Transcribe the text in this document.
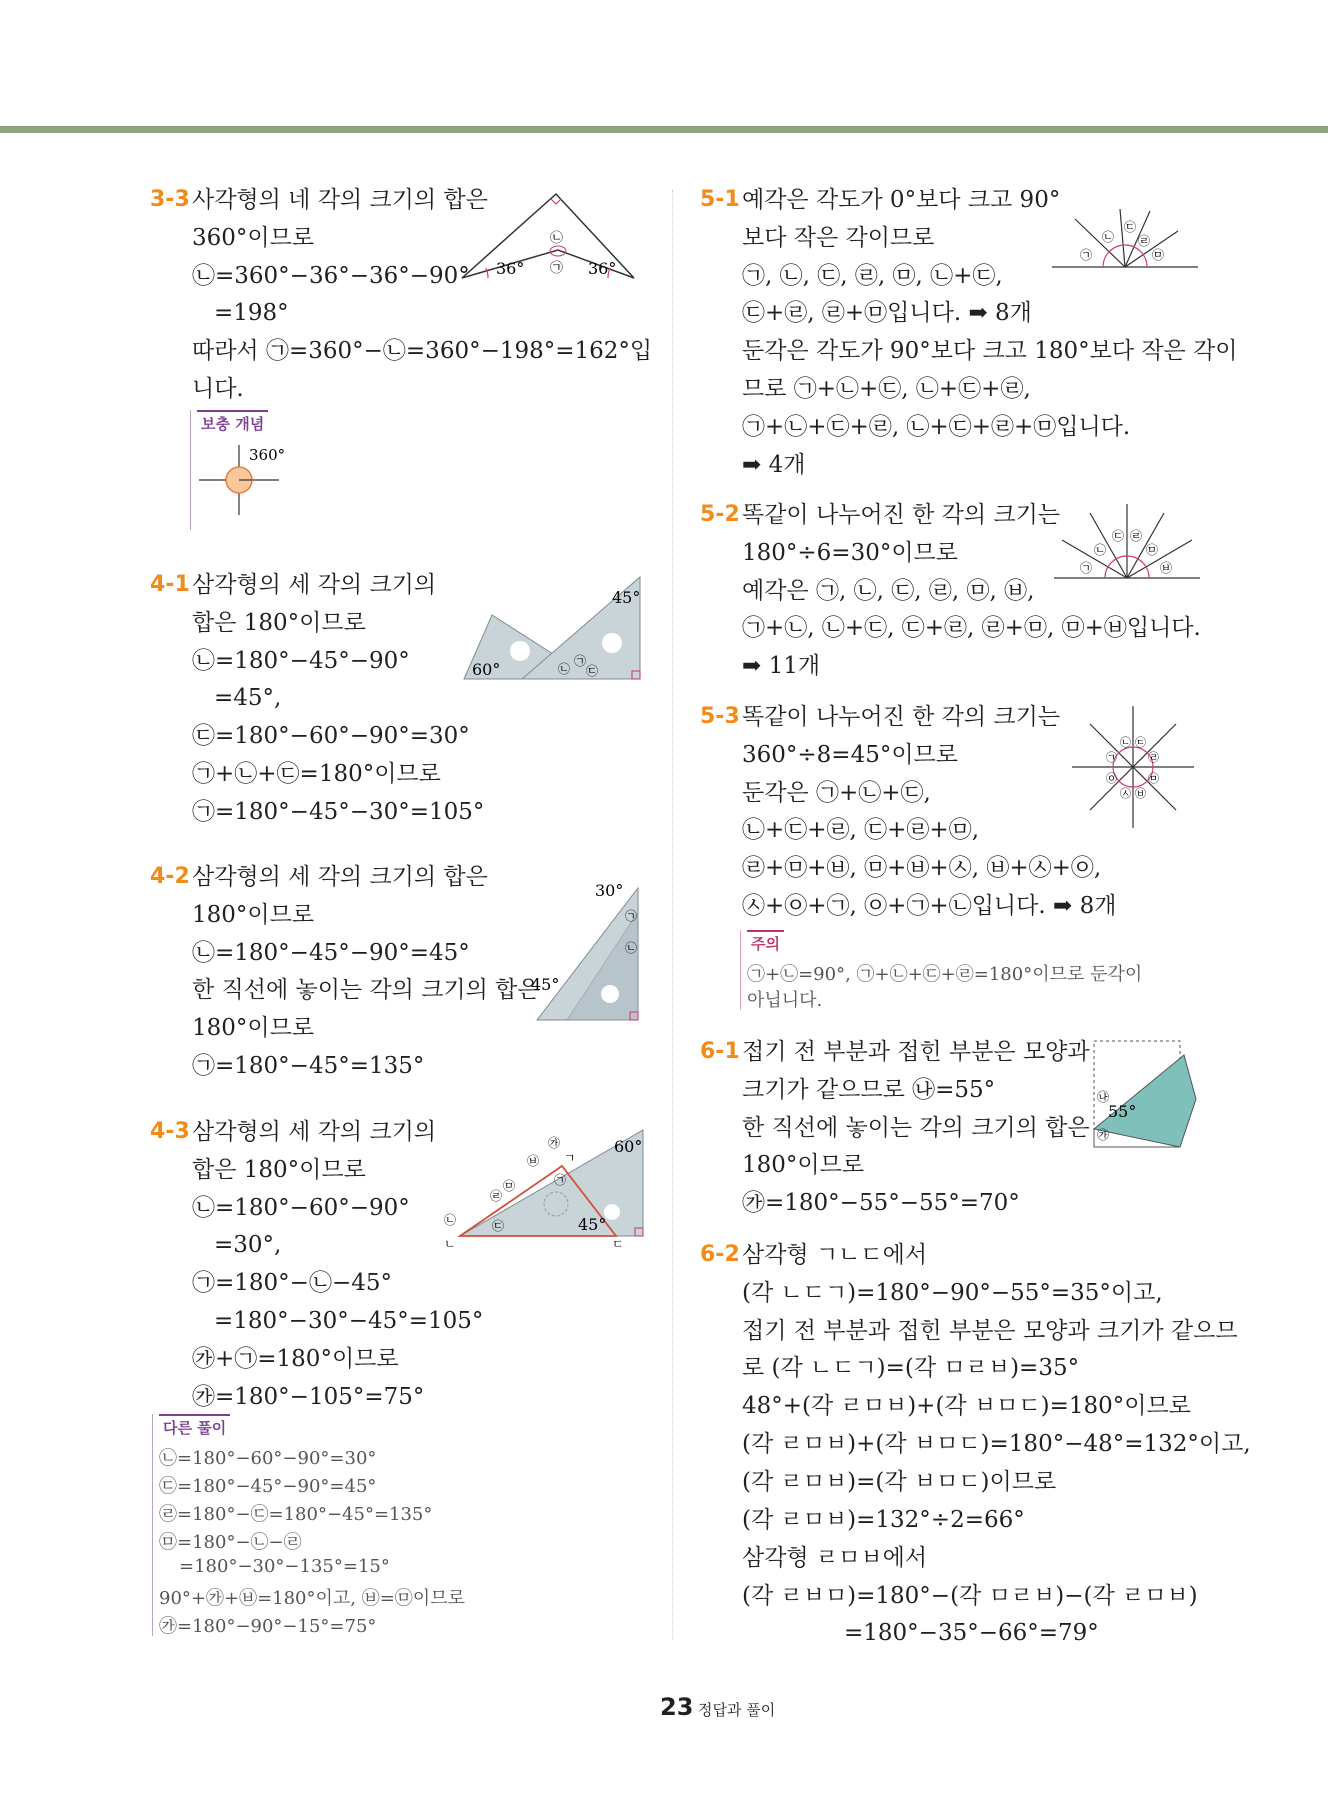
3-3 사각형의 네 각의 크기의 합은
360°이므로
㉡=360°−36°−36°−90°
=198°
따라서 ㉠=360°−㉡=360°−198°=162°입
니다.
36°	36°
㉡
㉠
보충 개념
360°
4-1 삼각형의 세 각의 크기의
합은 180°이므로
㉡=180°−45°−90°
=45°,
㉢=180°−60°−90°=30°
㉠+㉡+㉢=180°이므로
㉠=180°−45°−30°=105°
45°
60°	㉡
㉠
㉢
4-2 삼각형의 세 각의 크기의 합은
180°이므로
㉡=180°−45°−90°=45°
한 직선에 놓이는 각의 크기의 합은
180°이므로
㉠=180°−45°=135°
30°
㉠
㉡
45°
4-3 삼각형의 세 각의 크기의
합은 180°이므로
㉡=180°−60°−90°
=30°,
㉠=180°−㉡−45°
=180°−30°−45°=105°
㉮+㉠=180°이므로
㉮=180°−105°=75°
60°
㉮
ㄱ
㉥
㉠
㉣
㉤
㉡	㉢	45°
ㄴ	ㄷ
다른 풀이
㉡=180°−60°−90°=30°
㉢=180°−45°−90°=45°
㉣=180°−㉢=180°−45°=135°
㉤=180°−㉡−㉣
=180°−30°−135°=15°
90°+㉮+㉥=180°이고, ㉥=㉤이므로
㉮=180°−90°−15°=75°
5-1 예각은 각도가 0°보다 크고 90°
보다 작은 각이므로
㉠, ㉡, ㉢, ㉣, ㉤, ㉡+㉢,
㉢+㉣, ㉣+㉤입니다. ➡ 8개
둔각은 각도가 90°보다 크고 180°보다 작은 각이
므로 ㉠+㉡+㉢, ㉡+㉢+㉣,
㉠+㉡+㉢+㉣, ㉡+㉢+㉣+㉤입니다.
➡ 4개
㉠
㉡
㉢
㉣
㉤
5-2 똑같이 나누어진 한 각의 크기는
180°÷6=30°이므로
예각은 ㉠, ㉡, ㉢, ㉣, ㉤, ㉥,
㉠+㉡, ㉡+㉢, ㉢+㉣, ㉣+㉤, ㉤+㉥입니다.
➡ 11개
㉠
㉡
㉢ ㉣
㉤
㉥
5-3 똑같이 나누어진 한 각의 크기는
360°÷8=45°이므로
둔각은 ㉠+㉡+㉢,
㉡+㉢+㉣, ㉢+㉣+㉤,
㉣+㉤+㉥, ㉤+㉥+㉦, ㉥+㉦+㉧,
㉦+㉧+㉠, ㉧+㉠+㉡입니다. ➡ 8개
㉡ ㉢
㉠	㉣
㉧	㉤
㉦ ㉥
주의
㉠+㉡=90°, ㉠+㉡+㉢+㉣=180°이므로 둔각이
아닙니다.
6-1 접기 전 부분과 접힌 부분은 모양과
크기가 같으므로 ㉯=55°
한 직선에 놓이는 각의 크기의 합은
180°이므로
㉮=180°−55°−55°=70°
㉯
55°
㉮
6-2 삼각형 ㄱㄴㄷ에서
(각 ㄴㄷㄱ)=180°−90°−55°=35°이고,
접기 전 부분과 접힌 부분은 모양과 크기가 같으므
로 (각 ㄴㄷㄱ)=(각 ㅁㄹㅂ)=35°
48°+(각 ㄹㅁㅂ)+(각 ㅂㅁㄷ)=180°이므로
(각 ㄹㅁㅂ)+(각 ㅂㅁㄷ)=180°−48°=132°이고,
(각 ㄹㅁㅂ)=(각 ㅂㅁㄷ)이므로
(각 ㄹㅁㅂ)=132°÷2=66°
삼각형 ㄹㅁㅂ에서
(각 ㄹㅂㅁ)=180°−(각 ㅁㄹㅂ)−(각 ㄹㅁㅂ)
=180°−35°−66°=79°
23 정답과 풀이
